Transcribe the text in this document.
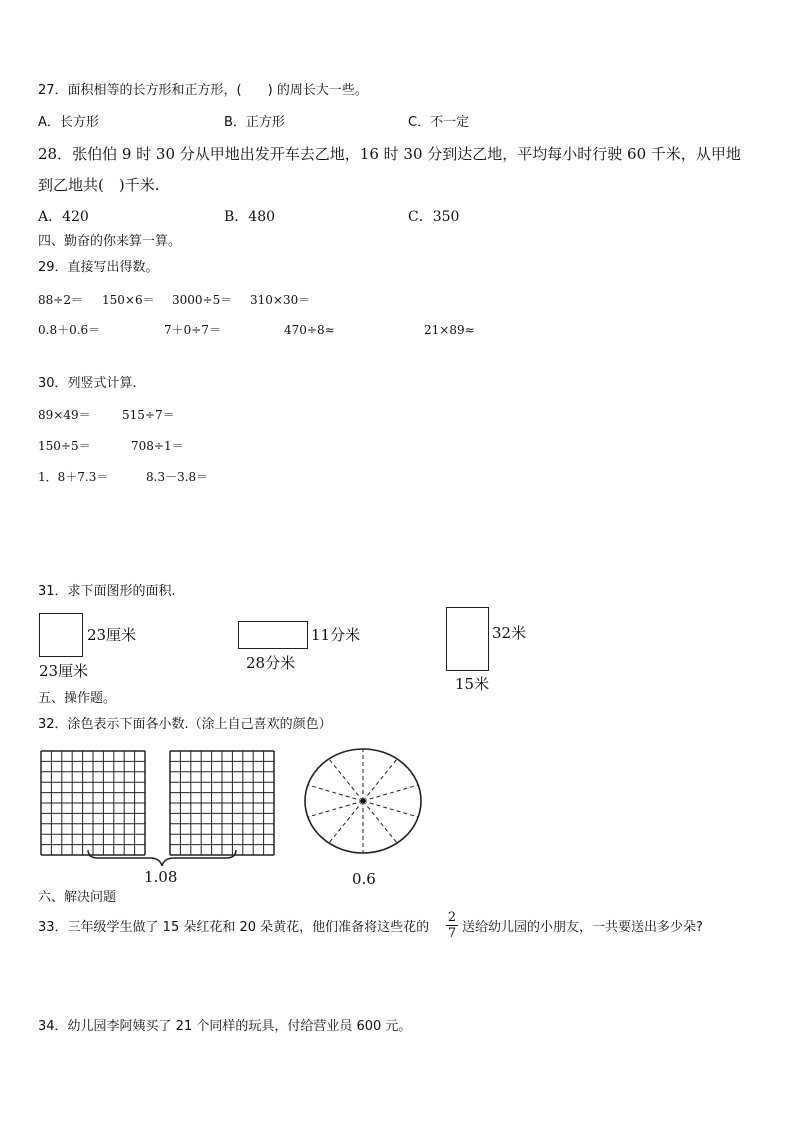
27．面积相等的长方形和正方形，(　　) 的周长大一些。
A．长方形	B．正方形	C．不一定
28．张伯伯 9 时 30 分从甲地出发开车去乙地，16 时 30 分到达乙地，平均每小时行驶 60 千米，从甲地
到乙地共(　)千米.
A．420	B．480	C．350
四、勤奋的你来算一算。
29．直接写出得数。
88÷2＝ 150×6＝ 3000÷5＝ 310×30＝
0.8＋0.6＝	7＋0÷7＝	470÷8≈	21×89≈
30．列竖式计算.
89×49＝	515÷7＝
150÷5＝	708÷1＝
1．8＋7.3＝	8.3－3.8＝
31．求下面图形的面积.
23厘米
23厘米
11分米
28分米
32米
15米
五、操作题。
32．涂色表示下面各小数.（涂上自己喜欢的颜色）
1.08	0.6
六、解决问题
33．三年级学生做了 15 朵红花和 20 朵黄花，他们准备将这些花的 $\frac{2}{7}$ 送给幼儿园的小朋友，一共要送出多少朵?
34．幼儿园李阿姨买了 21 个同样的玩具，付给营业员 600 元。
